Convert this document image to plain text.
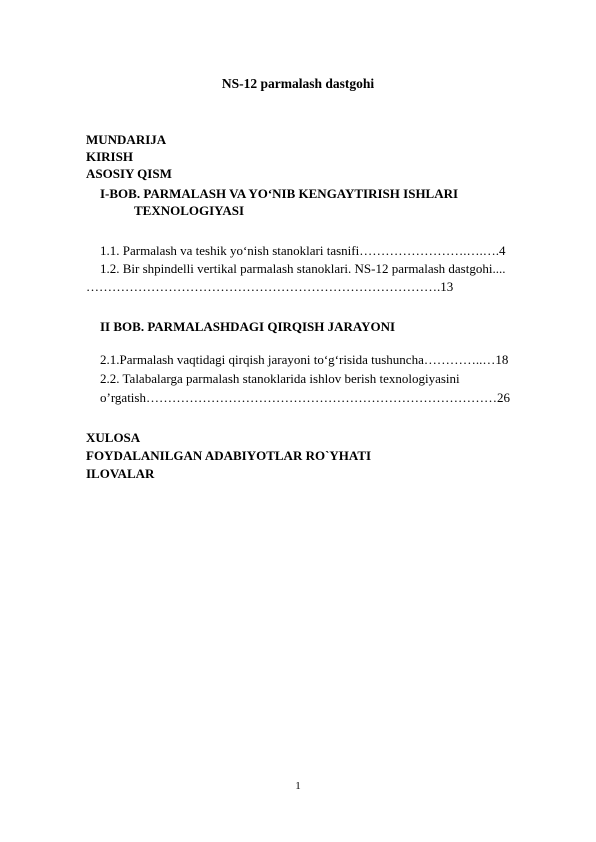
NS-12 parmalash dastgohi
MUNDARIJA
KIRISH
ASOSIY QISM
I-BOB. PARMALASH VA YO‘NIB KENGAYTIRISH ISHLARI
TEXNOLOGIYASI
1.1. Parmalash va teshik yo‘nish stanoklari tasnifi…………………….….….4
1.2. Bir shpindelli vertikal parmalash stanoklari. NS-12 parmalash dastgohi....
……………………………………………………………………….13
II BOB. PARMALASHDAGI QIRQISH JARAYONI
2.1.Parmalash vaqtidagi qirqish jarayoni to‘g‘risida tushuncha…………..…18
2.2. Talabalarga parmalash stanoklarida ishlov berish texnologiyasini
o’rgatish………………………………………………………………………26
XULOSA
FOYDALANILGAN ADABIYOTLAR RO`YHATI
ILOVALAR
1
